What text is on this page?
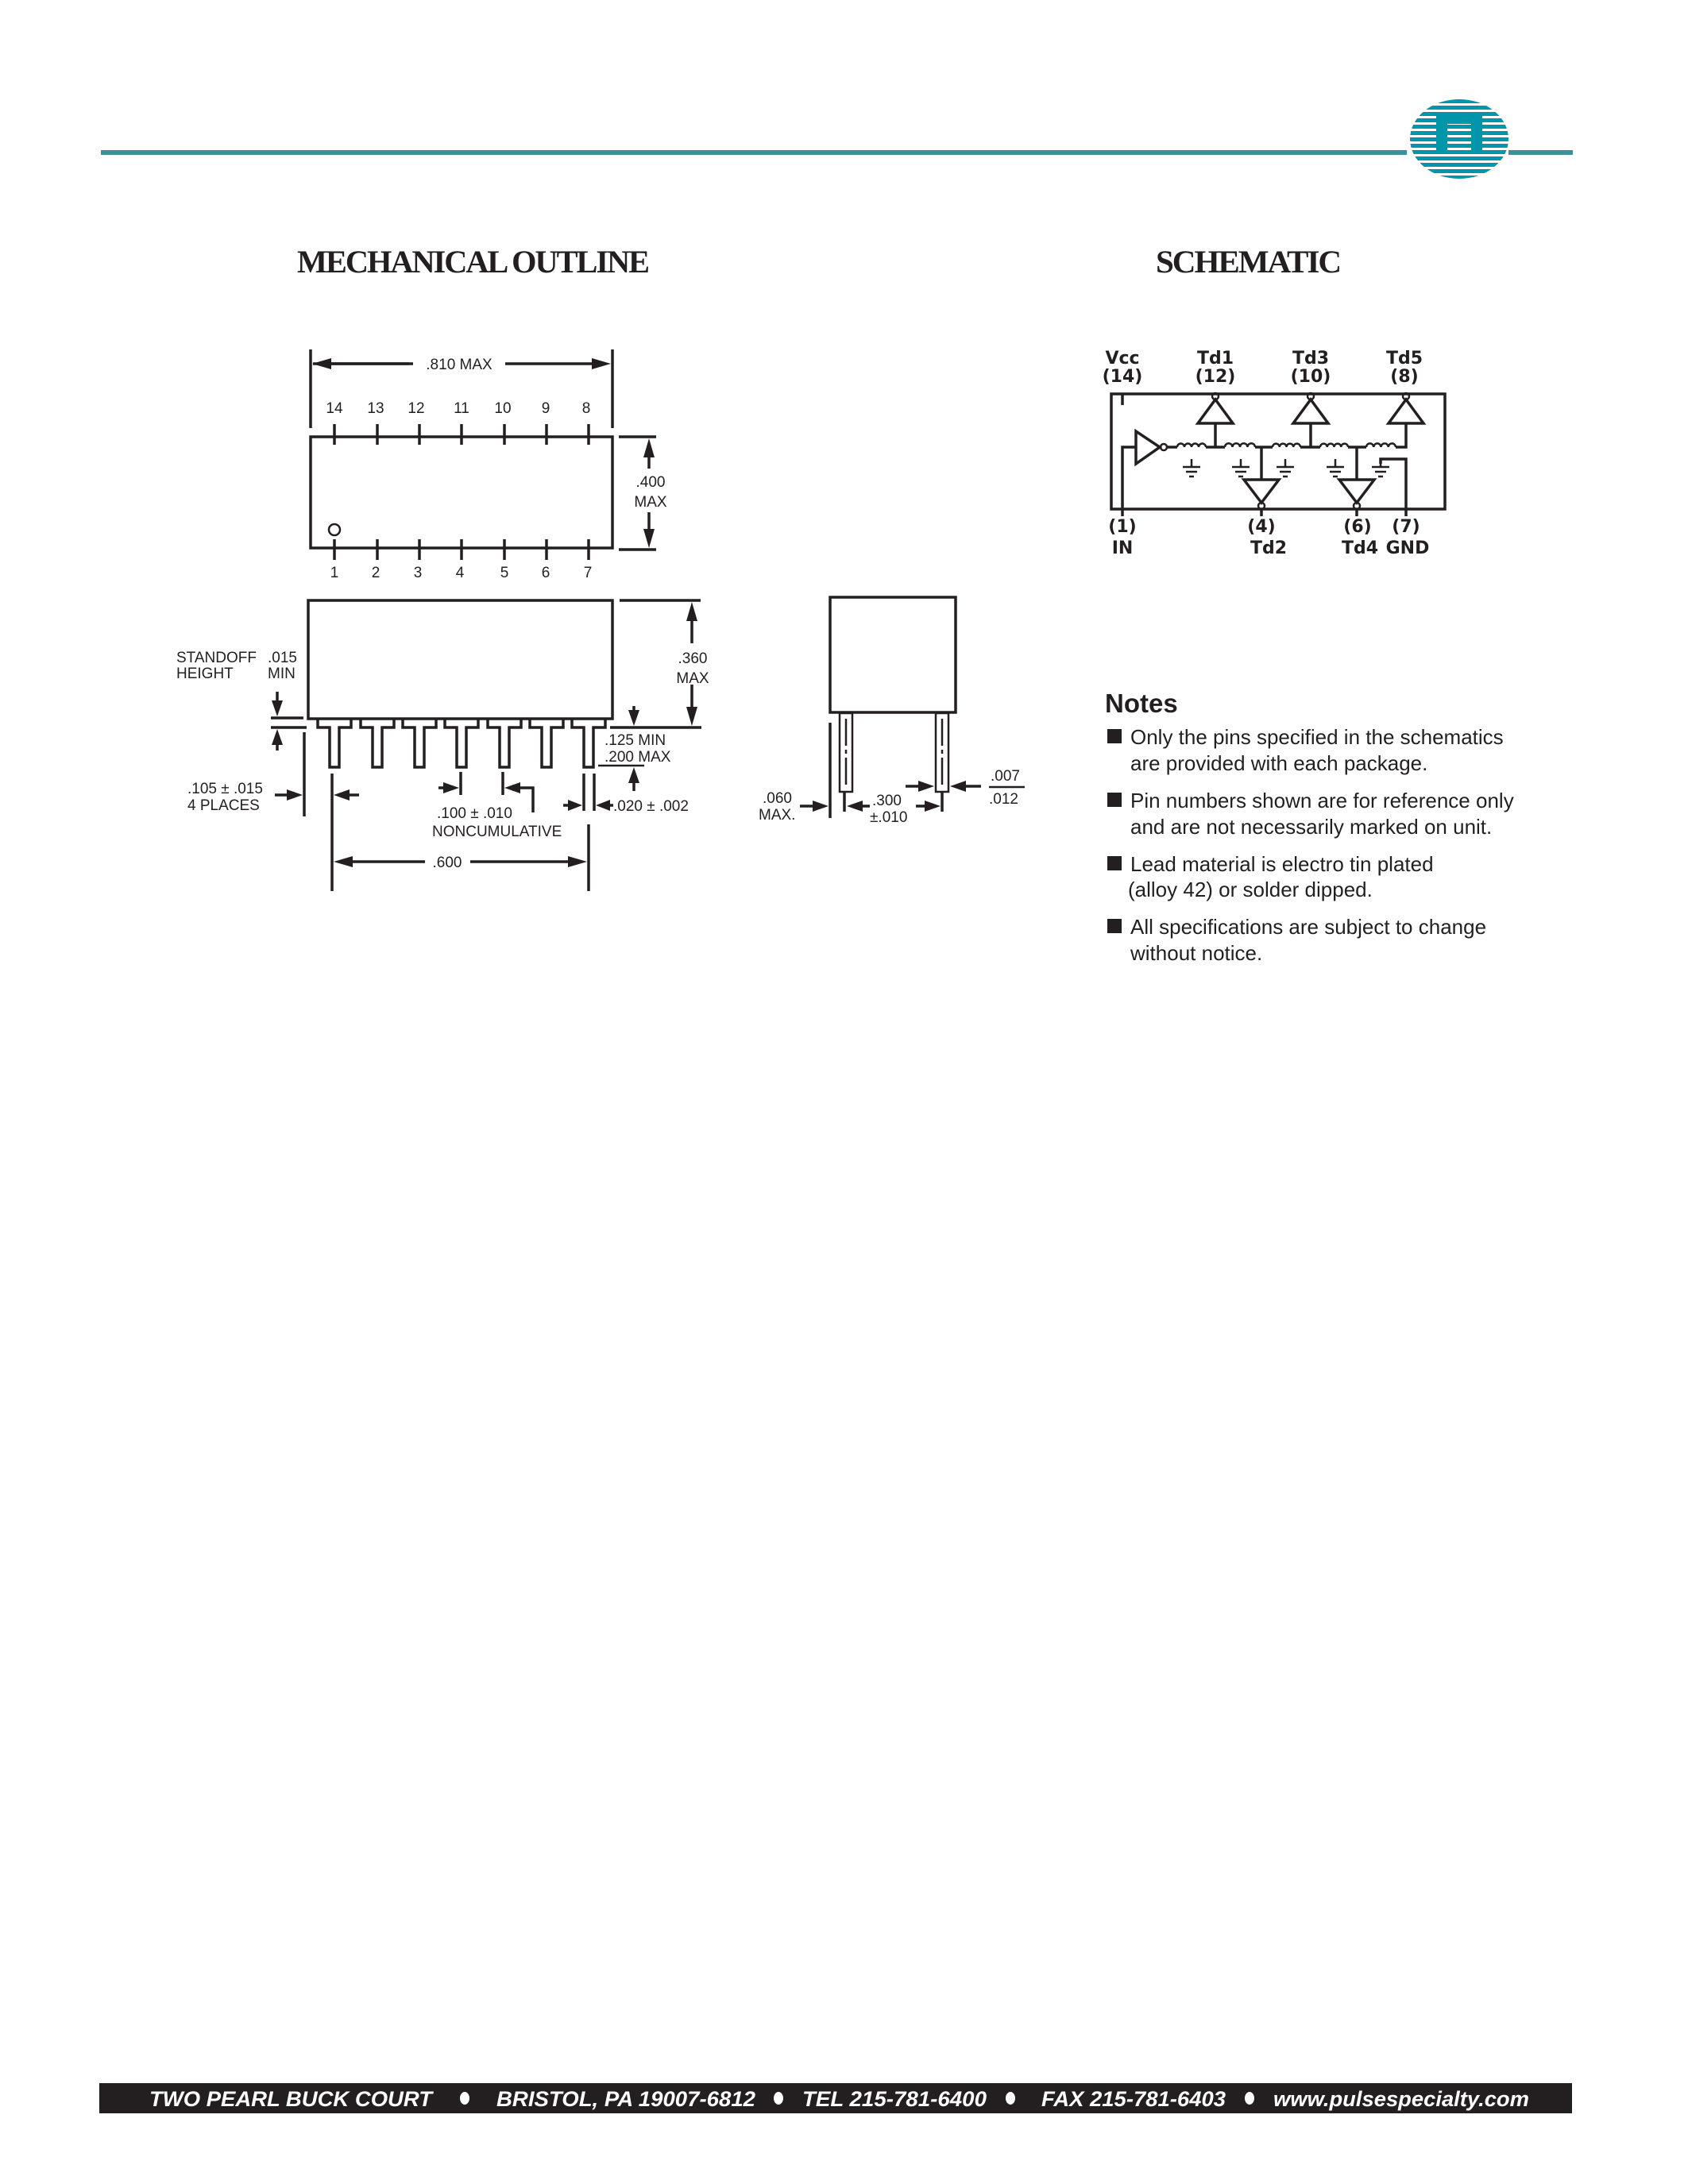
MECHANICAL OUTLINE	SCHEMATIC
.810 MAX
14 13 12 11 10 9 8
1 2 3 4 5 6 7
.400
MAX
.360
MAX
STANDOFF
HEIGHT
.015
MIN
.125 MIN
.200 MAX
.105 ± .015
4 PLACES	.100 ± .010
NONCUMULATIVE
.020 ± .002
.600
.060
MAX.
.300
±.010
.007
.012
Vcc
(14)
Td1
(12)
Td3
(10)
Td5
(8)
(1)
IN
(4)
Td2
(6)
Td4
(7)
GND
Notes
Only the pins specified in the schematics
are provided with each package.
Pin numbers shown are for reference only
and are not necessarily marked on unit.
Lead material is electro tin plated
(alloy 42) or solder dipped.
All specifications are subject to change
without notice.
TWO PEARL BUCK COURT	BRISTOL, PA 19007-6812 TEL 215-781-6400	FAX 215-781-6403 www.pulsespecialty.com
